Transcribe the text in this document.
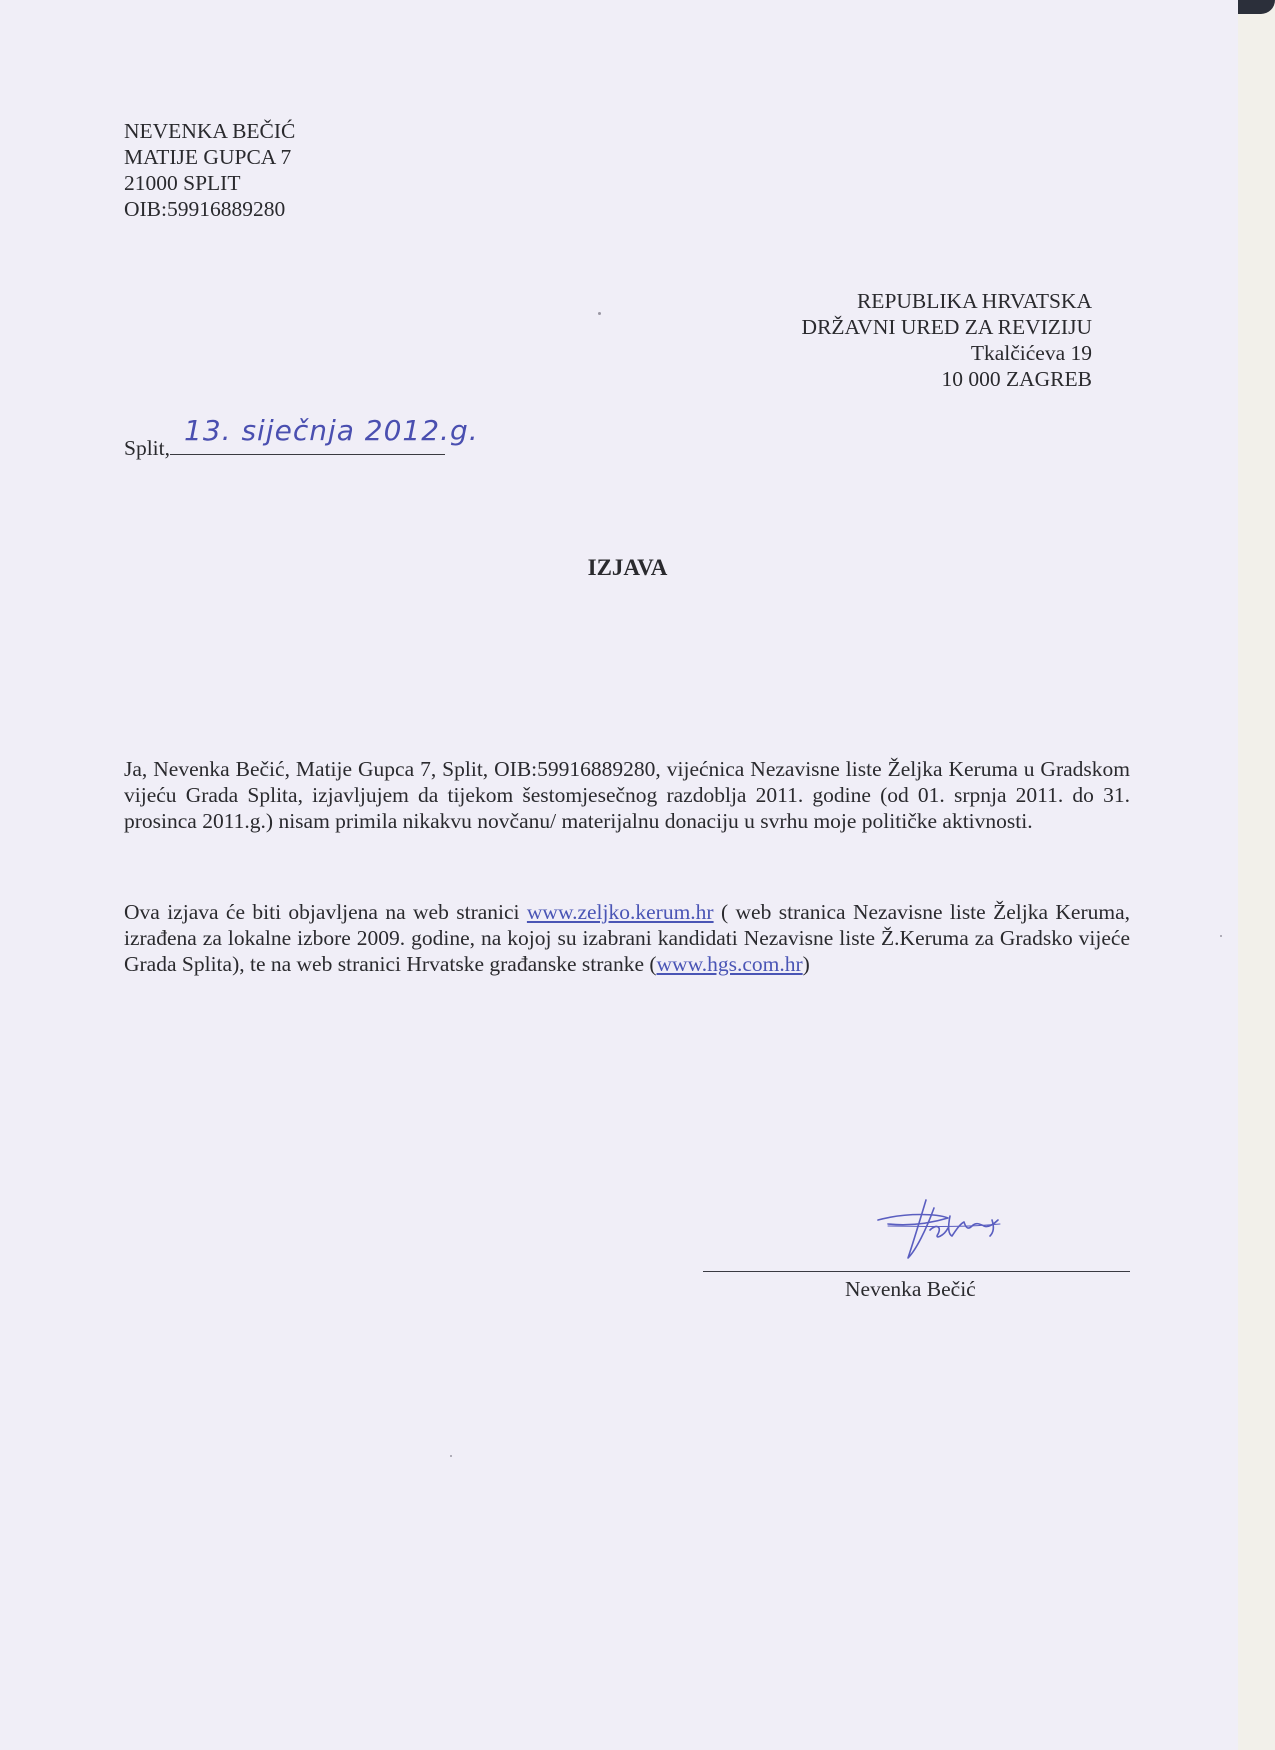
NEVENKA BEČIĆ
MATIJE GUPCA 7
21000 SPLIT
OIB:59916889280
REPUBLIKA HRVATSKA
DRŽAVNI URED ZA REVIZIJU
Tkalčićeva 19
10 000 ZAGREB
Split,
13. siječnja 2012.g.
IZJAVA
Ja, Nevenka Bečić, Matije Gupca 7, Split, OIB:59916889280, vijećnica Nezavisne liste Željka Keruma u Gradskom vijeću Grada Splita, izjavljujem da tijekom šestomjesečnog razdoblja 2011. godine (od 01. srpnja 2011. do 31. prosinca 2011.g.) nisam primila nikakvu novčanu/ materijalnu donaciju u svrhu moje političke aktivnosti.
Ova izjava će biti objavljena na web stranici www.zeljko.kerum.hr ( web stranica Nezavisne liste Željka Keruma, izrađena za lokalne izbore 2009. godine, na kojoj su izabrani kandidati Nezavisne liste Ž.Keruma za Gradsko vijeće Grada Splita), te na web stranici Hrvatske građanske stranke (www.hgs.com.hr)
Nevenka Bečić
